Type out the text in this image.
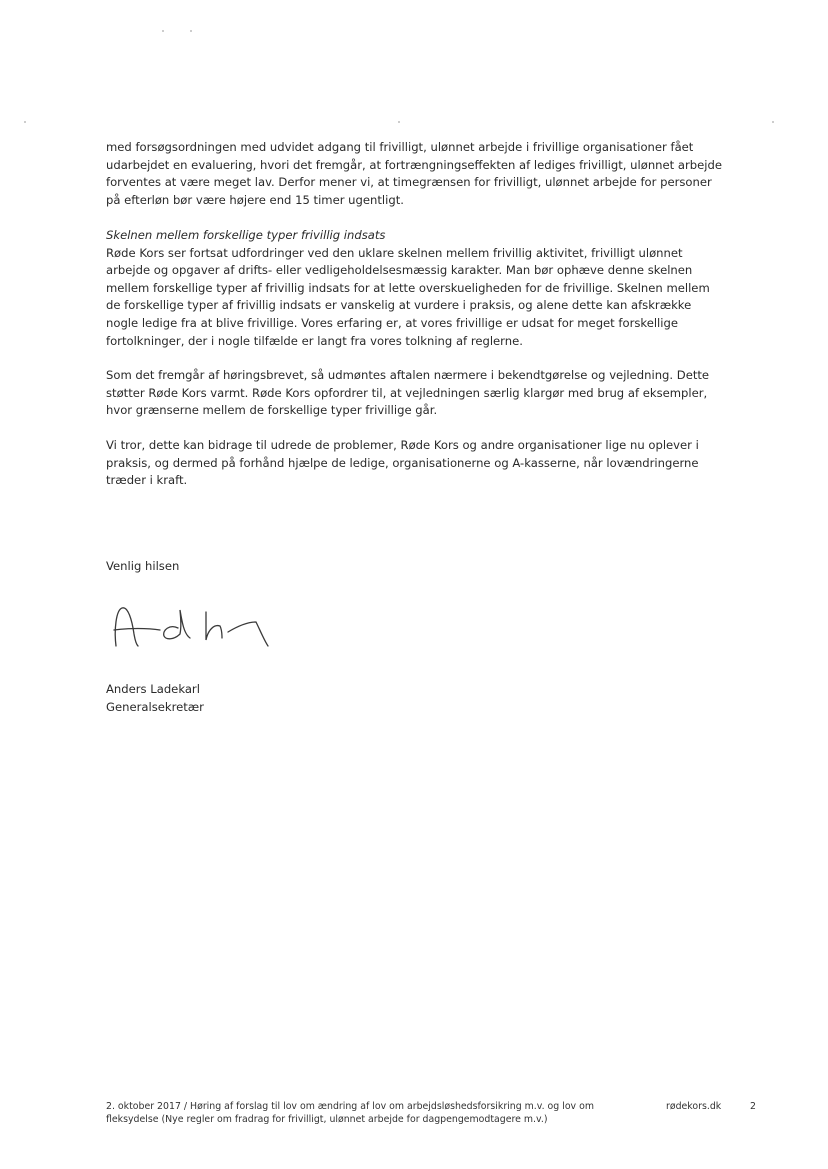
med forsøgsordningen med udvidet adgang til frivilligt, ulønnet arbejde i frivillige organisationer fået udarbejdet en evaluering, hvori det fremgår, at fortrængningseffekten af lediges frivilligt, ulønnet arbejde forventes at være meget lav. Derfor mener vi, at timegrænsen for frivilligt, ulønnet arbejde for personer på efterløn bør være højere end 15 timer ugentligt.

Skelnen mellem forskellige typer frivillig indsats

Røde Kors ser fortsat udfordringer ved den uklare skelnen mellem frivillig aktivitet, frivilligt ulønnet arbejde og opgaver af drifts- eller vedligeholdelsesmæssig karakter. Man bør ophæve denne skelnen mellem forskellige typer af frivillig indsats for at lette overskueligheden for de frivillige. Skelnen mellem de forskellige typer af frivillig indsats er vanskelig at vurdere i praksis, og alene dette kan afskrække nogle ledige fra at blive frivillige. Vores erfaring er, at vores frivillige er udsat for meget forskellige fortolkninger, der i nogle tilfælde er langt fra vores tolkning af reglerne.

Som det fremgår af høringsbrevet, så udmøntes aftalen nærmere i bekendtgørelse og vejledning. Dette støtter Røde Kors varmt. Røde Kors opfordrer til, at vejledningen særlig klargør med brug af eksempler, hvor grænserne mellem de forskellige typer frivillige går.

Vi tror, dette kan bidrage til udrede de problemer, Røde Kors og andre organisationer lige nu oplever i praksis, og dermed på forhånd hjælpe de ledige, organisationerne og A-kasserne, når lovændringerne træder i kraft.

Venlig hilsen

Anders Ladekarl

Generalsekretær

2. oktober 2017 / Høring af forslag til lov om ændring af lov om arbejdsløshedsforsikring m.v. og lov om fleksydelse (Nye regler om fradrag for frivilligt, ulønnet arbejde for dagpengemodtagere m.v.)
rødekors.dk	2
